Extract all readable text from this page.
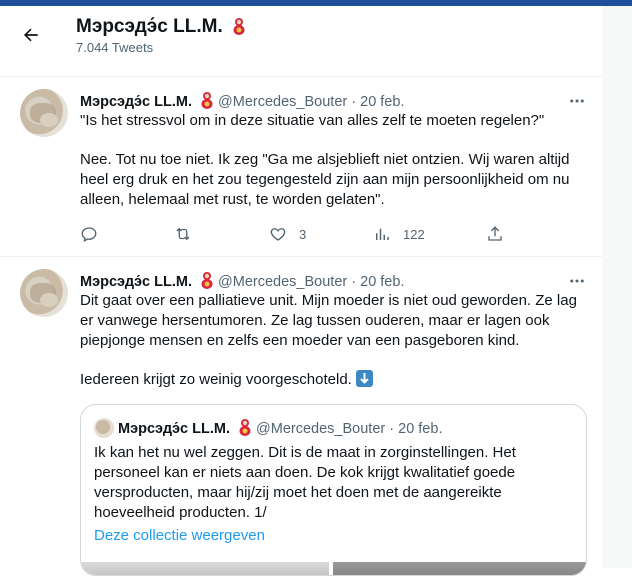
Мэрсэдэ́с LL.M.
7.044 Tweets
Мэрсэдэ́с LL.M. @Mercedes_Bouter · 20 feb.

"Is het stressvol om in deze situatie van alles zelf te moeten regelen?"

Nee. Tot nu toe niet. Ik zeg "Ga me alsjeblieft niet ontzien. Wij waren altijd heel erg druk en het zou tegengesteld zijn aan mijn persoonlijkheid om nu alleen, helemaal met rust, te worden gelaten".

3	122
Мэрсэдэ́с LL.M. @Mercedes_Bouter · 20 feb.

Dit gaat over een palliatieve unit. Mijn moeder is niet oud geworden. Ze lag er vanwege hersentumoren. Ze lag tussen ouderen, maar er lagen ook piepjonge mensen en zelfs een moeder van een pasgeboren kind.

Iedereen krijgt zo weinig voorgeschoteld.

Мэрсэдэ́с LL.M. @Mercedes_Bouter · 20 feb.
Ik kan het nu wel zeggen. Dit is de maat in zorginstellingen. Het personeel kan er niets aan doen. De kok krijgt kwalitatief goede versproducten, maar hij/zij moet het doen met de aangereikte hoeveelheid producten. 1/
Deze collectie weergeven
